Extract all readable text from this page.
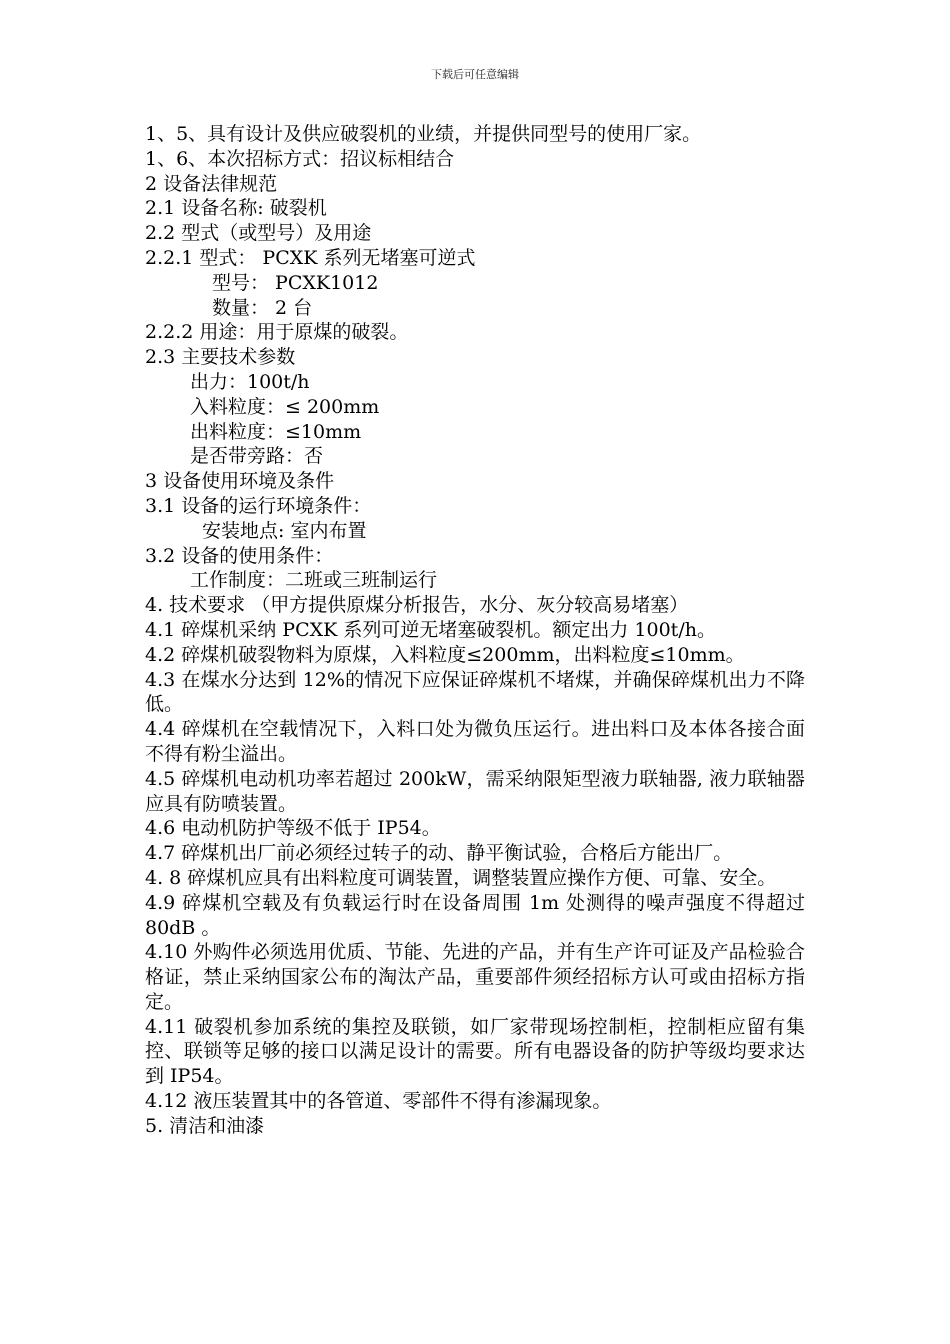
下载后可任意编辑
1、5、具有设计及供应破裂机的业绩，并提供同型号的使用厂家。
1、6、本次招标方式：招议标相结合
2 设备法律规范
2.1 设备名称: 破裂机
2.2 型式（或型号）及用途
2.2.1 型式： PCXK 系列无堵塞可逆式
型号： PCXK1012
数量： 2 台
2.2.2 用途：用于原煤的破裂。
2.3 主要技术参数
出力：100t/h
入料粒度：≤ 200mm
出料粒度：≤10mm
是否带旁路：否
3 设备使用环境及条件
3.1 设备的运行环境条件：
安装地点: 室内布置
3.2 设备的使用条件：
工作制度：二班或三班制运行
4. 技术要求 （甲方提供原煤分析报告，水分、灰分较高易堵塞）
4.1 碎煤机采纳 PCXK 系列可逆无堵塞破裂机。额定出力 100t/h。
4.2 碎煤机破裂物料为原煤，入料粒度≤200mm，出料粒度≤10mm。
4.3 在煤水分达到 12%的情况下应保证碎煤机不堵煤，并确保碎煤机出力不降低。
4.4 碎煤机在空载情况下，入料口处为微负压运行。进出料口及本体各接合面不得有粉尘溢出。
4.5 碎煤机电动机功率若超过 200kW，需采纳限矩型液力联轴器, 液力联轴器应具有防喷装置。
4.6 电动机防护等级不低于 IP54。
4.7 碎煤机出厂前必须经过转子的动、静平衡试验，合格后方能出厂。
4. 8 碎煤机应具有出料粒度可调装置，调整装置应操作方便、可靠、安全。
4.9 碎煤机空载及有负载运行时在设备周围 1m 处测得的噪声强度不得超过 80dB 。
4.10 外购件必须选用优质、节能、先进的产品，并有生产许可证及产品检验合格证，禁止采纳国家公布的淘汰产品，重要部件须经招标方认可或由招标方指定。
4.11 破裂机参加系统的集控及联锁，如厂家带现场控制柜，控制柜应留有集控、联锁等足够的接口以满足设计的需要。所有电器设备的防护等级均要求达到 IP54。
4.12 液压装置其中的各管道、零部件不得有渗漏现象。
5. 清洁和油漆
